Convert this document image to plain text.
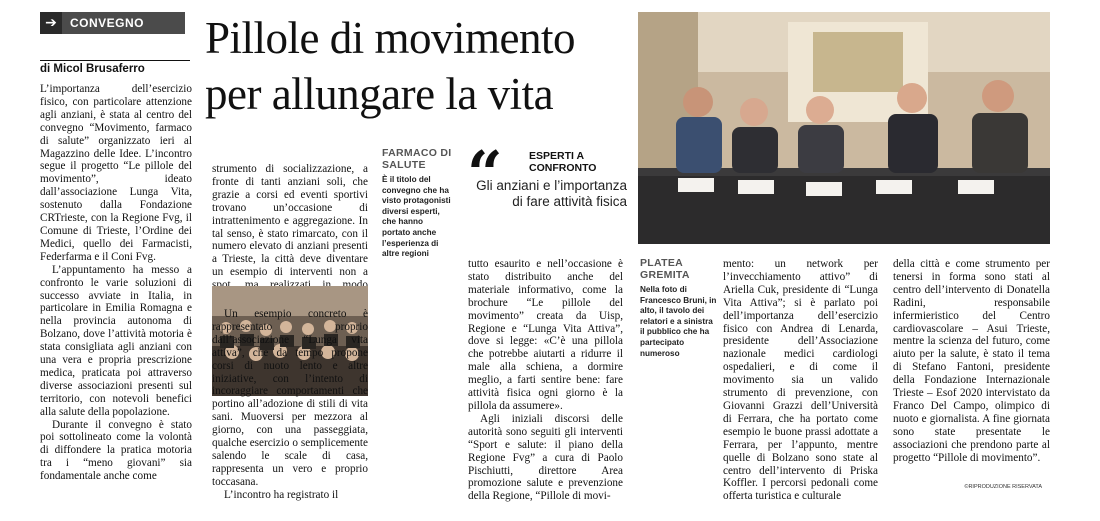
➔	CONVEGNO
di Micol Brusaferro
Pillole di movimento
per allungare la vita

L’importanza dell’esercizio fisico, con particolare attenzione agli anziani, è stata al centro del convegno “Movimento, farmaco di salute” organizzato ieri al Magazzino delle Idee. L’incontro segue il progetto “Le pillole del movimento”, ideato dall’associazione Lunga Vita, sostenuto dalla Fondazione CRTrieste, con la Regione Fvg, il Comune di Trieste, l’Ordine dei Medici, quello dei Farmacisti, Federfarma e il Coni Fvg.

L’appuntamento ha messo a confronto le varie soluzioni di successo avviate in Italia, in particolare in Emilia Romagna e nella provincia autonoma di Bolzano, dove l’attività motoria è stata consigliata agli anziani con una vera e propria prescrizione medica, praticata poi attraverso diverse associazioni presenti sul territorio, con notevoli benefici alla salute della popolazione.

Durante il convegno è stato poi sottolineato come la volontà di diffondere la pratica motoria tra i “meno giovani” sia fondamentale anche come

strumento di socializzazione, a fronte di tanti anziani soli, che grazie a corsi ed eventi sportivi trovano un’occasione di intrattenimento e aggregazione. In tal senso, è stato rimarcato, con il numero elevato di anziani presenti a Trieste, la città deve diventare un esempio di interventi non a

Un esempio concreto è rappresentato proprio dall’associazione “Lunga vita attiva”, che da tempo propone corsi di nuoto lento e altre iniziative, con l’intento di incoraggiare comportamenti che portino all’adozione di stili di vita sani. Muoversi per mezzora al giorno, con una passeggiata, qualche esercizio o semplicemente salendo le scale di casa, rappresenta un vero e proprio toccasana.

L’incontro ha registrato il

FARMACO DI SALUTE
È il titolo del convegno che ha visto protagonisti diversi esperti, che hanno portato anche l’esperienza di altre regioni
“	ESPERTI A CONFRONTO
Gli anziani e l’importanza di fare attività fisica

tutto esaurito e nell’occasione è stato distribuito anche del materiale informativo, come la brochure “Le pillole del movimento” creata da Uisp, Regione e “Lunga Vita Attiva”, dove si legge: «C’è una pillola che potrebbe aiutarti a ridurre il male alla schiena, a dormire meglio, a farti sentire bene: fare attività fisica ogni giorno è la pillola da assumere».

Agli iniziali discorsi delle autorità sono seguiti gli interventi “Sport e salute: il piano della Regione Fvg” a cura di Paolo Pischiutti, direttore Area promozione salute e prevenzione della Regione, “Pillole di movi-

PLATEA GREMITA
Nella foto di Francesco Bruni, in alto, il tavolo dei relatori e a sinistra il pubblico che ha partecipato numeroso

mento: un network per l’invecchiamento attivo” di Ariella Cuk, presidente di “Lunga Vita Attiva”; si è parlato poi dell’importanza dell’esercizio fisico con Andrea di Lenarda, presidente dell’Associazione nazionale medici cardiologi ospedalieri, e di come il movimento sia un valido strumento di prevenzione, con Giovanni Grazzi dell’Università di Ferrara, che ha portato come esempio le buone prassi adottate a Ferrara, per l’appunto, mentre quelle di Bolzano sono state al centro dell’intervento di Priska Koffler. I percorsi pedonali come offerta turistica e culturale

della città e come strumento per tenersi in forma sono stati al centro dell’intervento di Donatella Radini, responsabile infermieristico del Centro cardiovascolare – Asui Trieste, mentre la scienza del futuro, come aiuto per la salute, è stato il tema di Stefano Fantoni, presidente della Fondazione Internazionale Trieste – Esof 2020 intervistato da Franco Del Campo, olimpico di nuoto e giornalista. A fine giornata sono state presentate le associazioni che prendono parte al progetto “Pillole di movimento”.

©RIPRODUZIONE RISERVATA
